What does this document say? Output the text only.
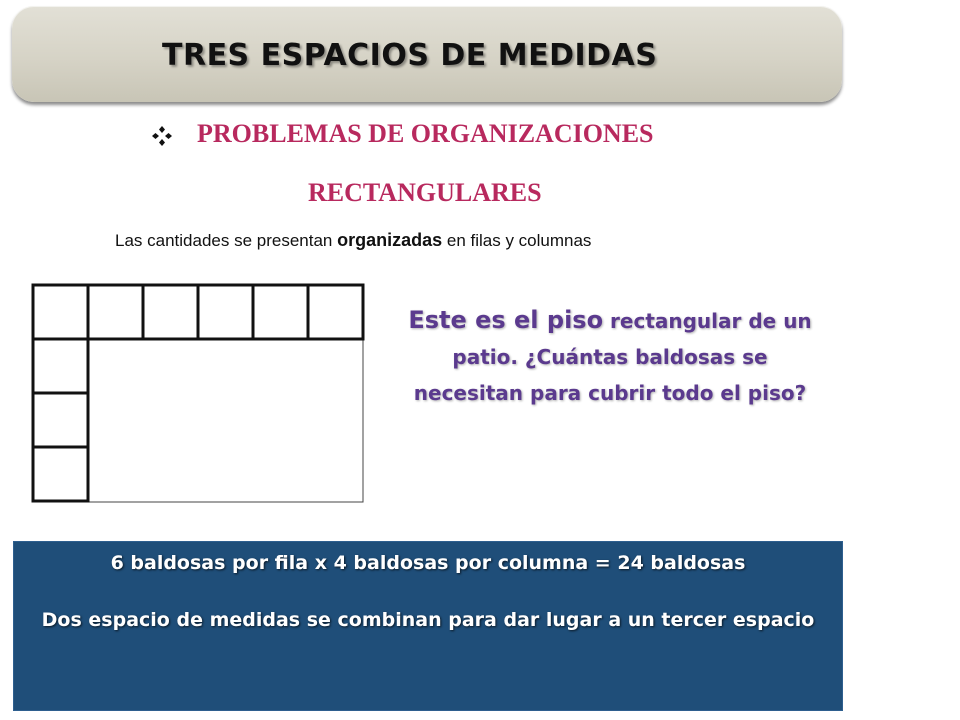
TRES ESPACIOS DE MEDIDAS
PROBLEMAS DE ORGANIZACIONES
RECTANGULARES
Las cantidades se presentan organizadas en filas y columnas
Este es el piso rectangular de un patio. ¿Cuántas baldosas se necesitan para cubrir todo el piso?
6 baldosas por fila x 4 baldosas por columna = 24 baldosas
Dos espacio de medidas se combinan para dar lugar a un tercer espacio
